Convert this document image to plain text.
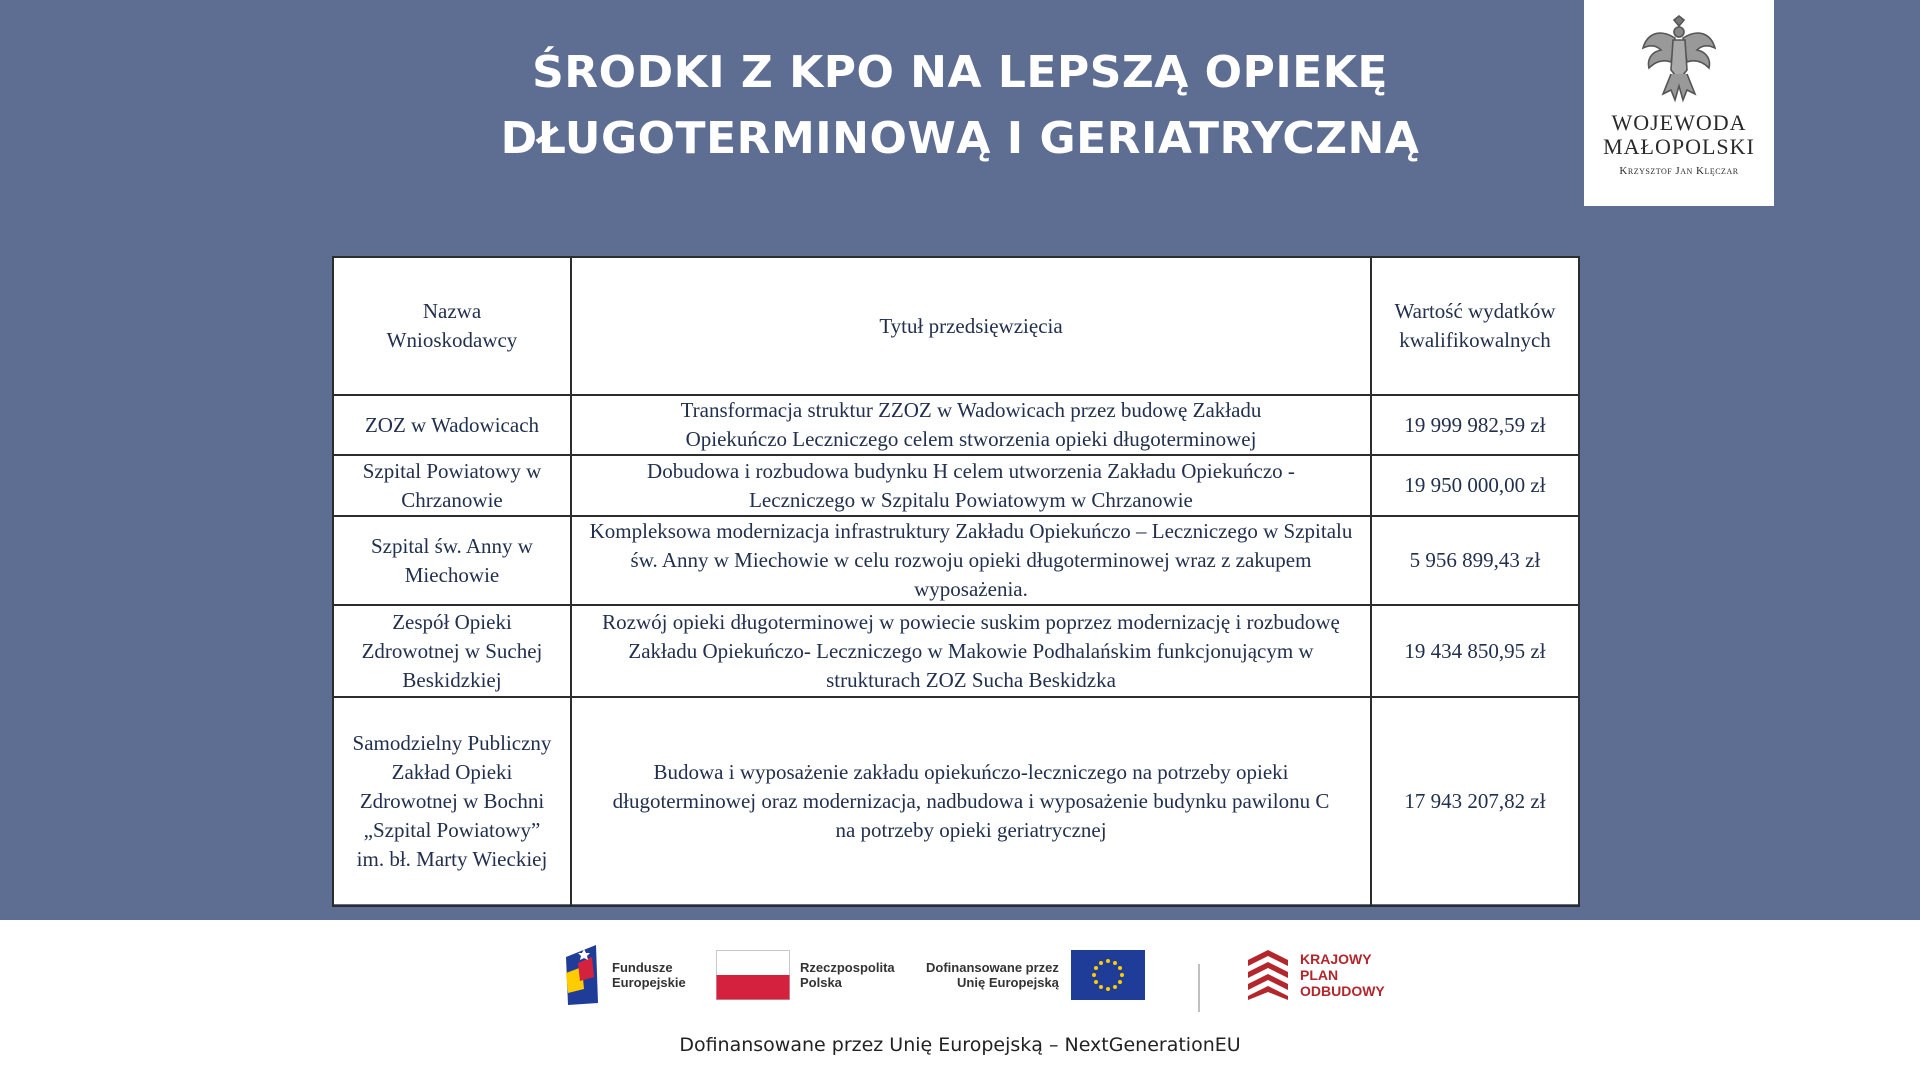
ŚRODKI Z KPO NA LEPSZĄ OPIEKĘ
DŁUGOTERMINOWĄ I GERIATRYCZNĄ	WOJEWODA
MAŁOPOLSKI
Krzysztof Jan Klęczar
Nazwa Wnioskodawcy	Tytuł przedsięwzięcia	Wartość wydatków kwalifikowalnych
ZOZ w Wadowicach	Transformacja struktur ZZOZ w Wadowicach przez budowę Zakładu Opiekuńczo Leczniczego celem stworzenia opieki długoterminowej	19 999 982,59 zł
Szpital Powiatowy w Chrzanowie	Dobudowa i rozbudowa budynku H celem utworzenia Zakładu Opiekuńczo - Leczniczego w Szpitalu Powiatowym w Chrzanowie	19 950 000,00 zł
Szpital św. Anny w Miechowie	Kompleksowa modernizacja infrastruktury Zakładu Opiekuńczo – Leczniczego w Szpitalu św. Anny w Miechowie w celu rozwoju opieki długoterminowej wraz z zakupem wyposażenia.	5 956 899,43 zł
Zespół Opieki Zdrowotnej w Suchej Beskidzkiej	Rozwój opieki długoterminowej w powiecie suskim poprzez modernizację i rozbudowę Zakładu Opiekuńczo- Leczniczego w Makowie Podhalańskim funkcjonującym w strukturach ZOZ Sucha Beskidzka	19 434 850,95 zł
Samodzielny Publiczny Zakład Opieki Zdrowotnej w Bochni „Szpital Powiatowy” im. bł. Marty Wieckiej	Budowa i wyposażenie zakładu opiekuńczo-leczniczego na potrzeby opieki długoterminowej oraz modernizacja, nadbudowa i wyposażenie budynku pawilonu C na potrzeby opieki geriatrycznej	17 943 207,82 zł
Fundusze
Europejskie
Rzeczpospolita
Polska
Dofinansowane przez
Unię Europejską
KRAJOWY
PLAN
ODBUDOWY
Dofinansowane przez Unię Europejską – NextGenerationEU
